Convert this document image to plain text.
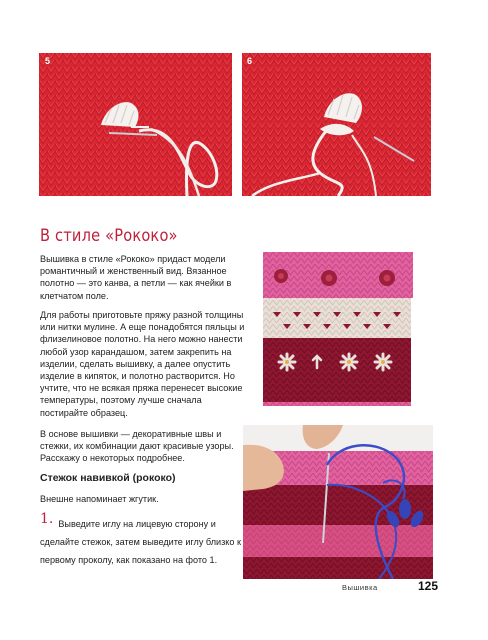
5	6
В стиле «Рококо»

Вышивка в стиле «Рококо» придаст модели романтичный и женственный вид. Вязанное полотно — это канва, а петли — как ячейки в клетчатом поле.

Для работы приготовьте пряжу разной толщины или нитки мулине. А еще понадобятся пяльцы и флизелиновое полотно. На него можно нанести любой узор карандашом, затем закрепить на изделии, сделать вышивку, а далее опустить изделие в кипяток, и полотно растворится. Но учтите, что не всякая пряжа перенесет высокие температуры, поэтому лучше сначала постирайте образец.

В основе вышивки — декоративные швы и стежки, их комбинации дают красивые узоры. Расскажу о некоторых подробнее.

Стежок навивкой (рококо)

Внешне напоминает жгутик.

1. Выведите иглу на лицевую сторону и сделайте стежок, затем выведите иглу близко к первому проколу, как показано на фото 1.
Вышивка	125
